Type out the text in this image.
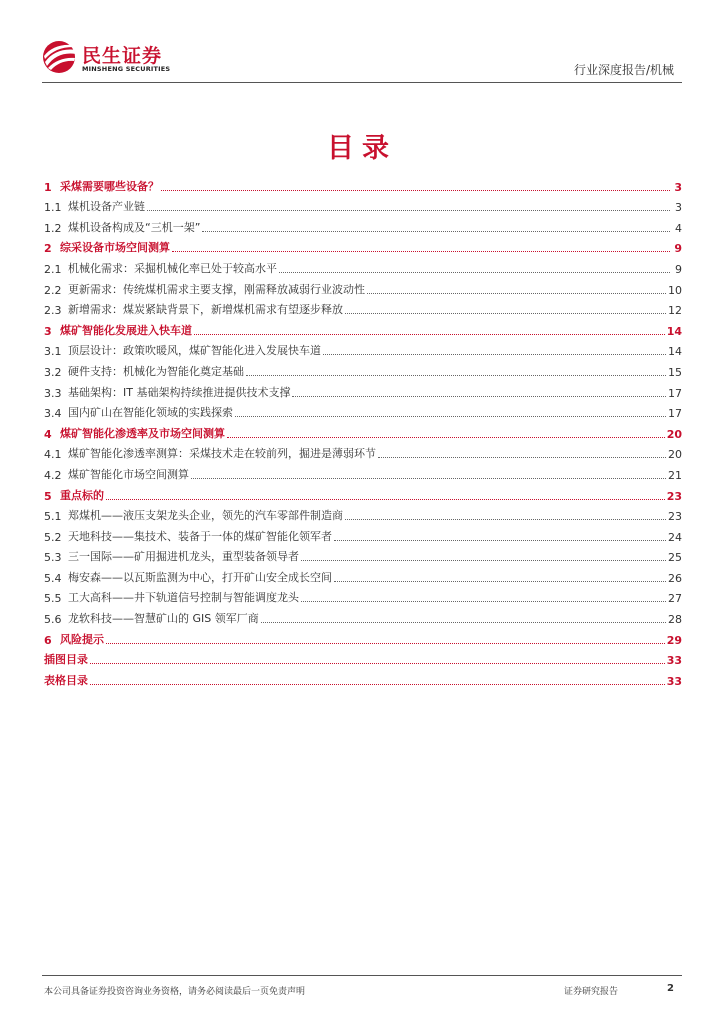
民生证券
MINSHENG SECURITIES	行业深度报告/机械
目录
1 采煤需要哪些设备？	3
1.1 煤机设备产业链	3
1.2 煤机设备构成及“三机一架”	4
2 综采设备市场空间测算	9
2.1 机械化需求：采掘机械化率已处于较高水平	9
2.2 更新需求：传统煤机需求主要支撑，刚需释放减弱行业波动性	10
2.3 新增需求：煤炭紧缺背景下，新增煤机需求有望逐步释放	12
3 煤矿智能化发展进入快车道	14
3.1 顶层设计：政策吹暖风，煤矿智能化进入发展快车道	14
3.2 硬件支持：机械化为智能化奠定基础	15
3.3 基础架构：IT 基础架构持续推进提供技术支撑	17
3.4 国内矿山在智能化领域的实践探索	17
4 煤矿智能化渗透率及市场空间测算	20
4.1 煤矿智能化渗透率测算：采煤技术走在较前列，掘进是薄弱环节	20
4.2 煤矿智能化市场空间测算	21
5 重点标的	23
5.1 郑煤机——液压支架龙头企业，领先的汽车零部件制造商	23
5.2 天地科技——集技术、装备于一体的煤矿智能化领军者	24
5.3 三一国际——矿用掘进机龙头，重型装备领导者	25
5.4 梅安森——以瓦斯监测为中心，打开矿山安全成长空间	26
5.5 工大高科——井下轨道信号控制与智能调度龙头	27
5.6 龙软科技——智慧矿山的 GIS 领军厂商	28
6 风险提示	29
插图目录	33
表格目录	33
本公司具备证券投资咨询业务资格，请务必阅读最后一页免责声明	证券研究报告	2
